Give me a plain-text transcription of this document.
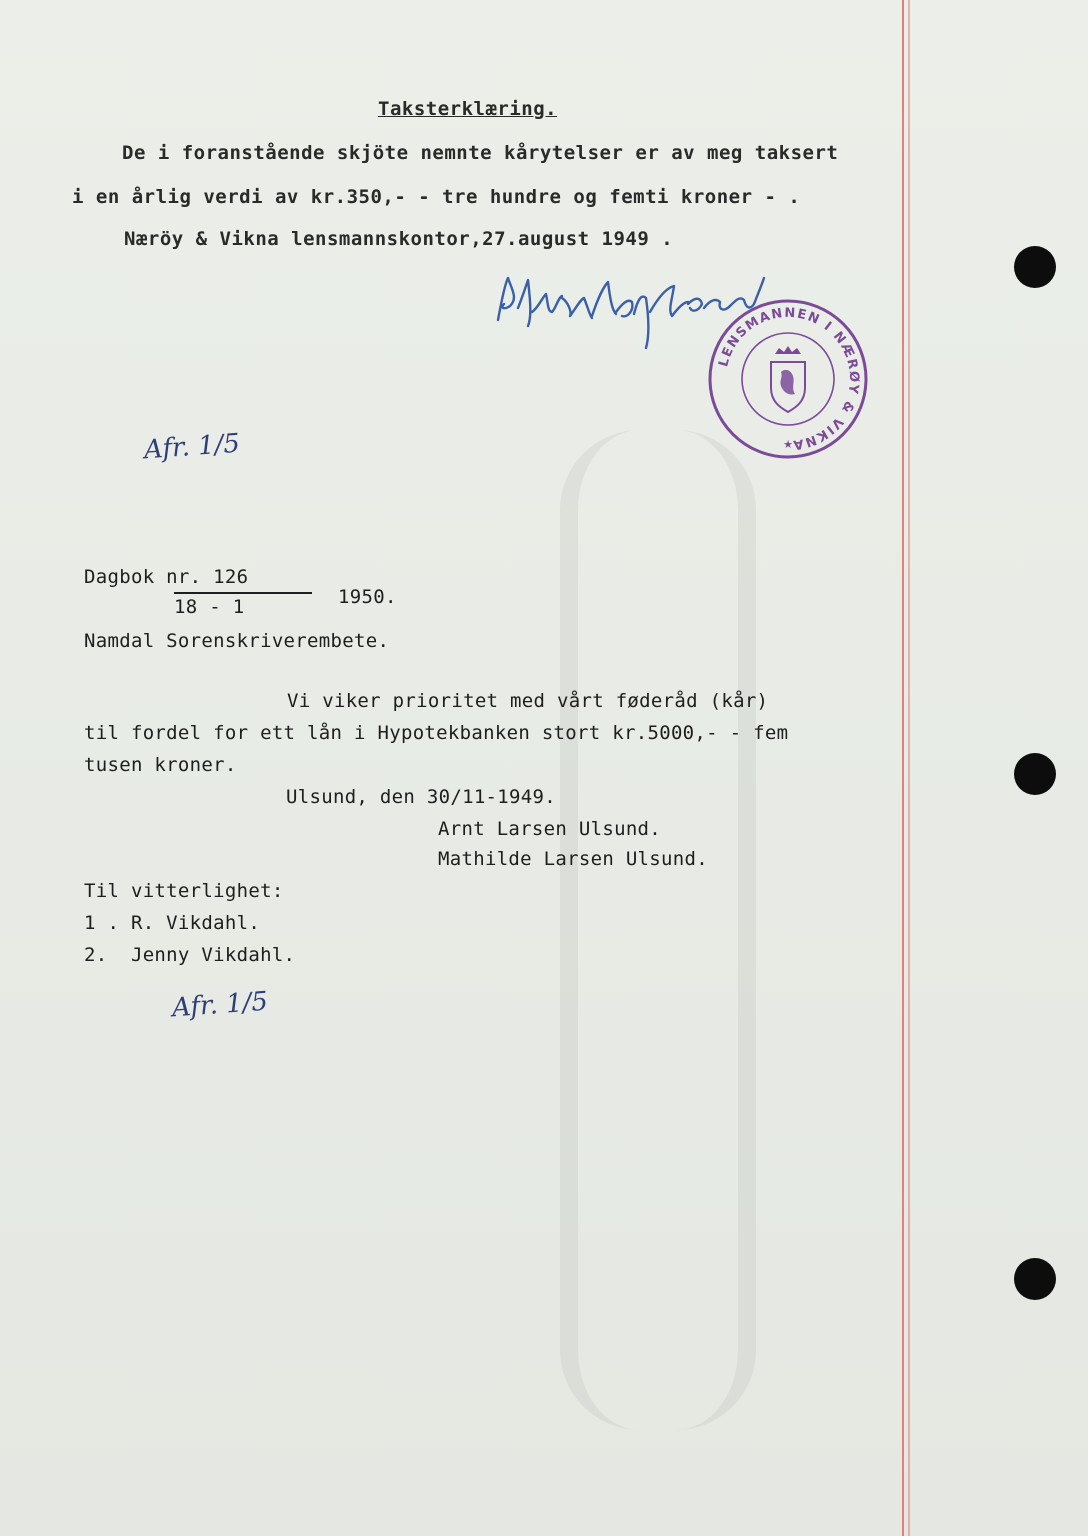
Taksterklæring.
De i foranstående skjöte nemnte kårytelser er av meg taksert
i en årlig verdi av kr.350,- - tre hundre og femti kroner - .
Næröy & Vikna lensmannskontor,27.august 1949 .
LENSMANNEN I NÆRØY & VIKNA
★
Afr. 1/5
Dagbok nr. 126
18 - 1	1950.
Namdal Sorenskriverembete.
Vi viker prioritet med vårt føderåd (kår)
til fordel for ett lån i Hypotekbanken stort kr.5000,- - fem
tusen kroner.
Ulsund, den 30/11-1949.
Arnt Larsen Ulsund.
Mathilde Larsen Ulsund.
Til vitterlighet:
1 . R. Vikdahl.
2.  Jenny Vikdahl.
Afr. 1/5
